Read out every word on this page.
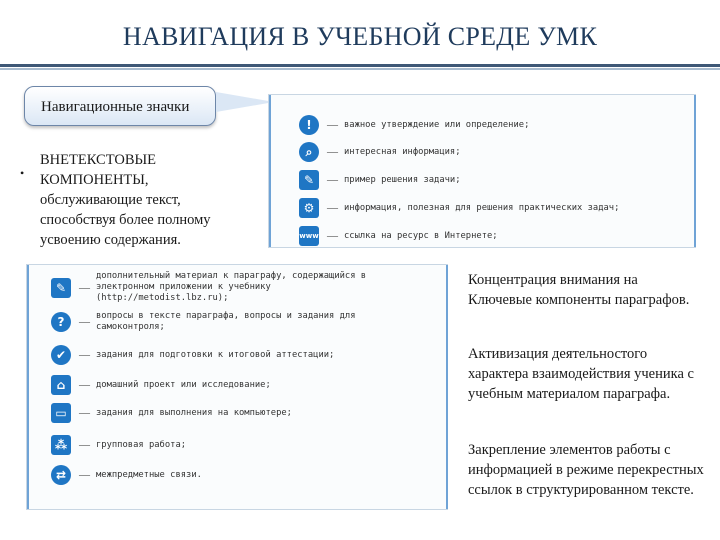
НАВИГАЦИЯ В УЧЕБНОЙ СРЕДЕ УМК
Навигационные значки
•
ВНЕТЕКСТОВЫЕ
КОМПОНЕНТЫ,
обслуживающие текст,
способствуя более полному
усвоению содержания.
!	— важное утверждение или определение;
⌕	— интересная информация;
✎	— пример решения задачи;
⚙	— информация, полезная для решения практических задач;
www — ссылка на ресурс в Интернете;
✎	—
дополнительный материал к параграфу, содержащийся в электронном приложении к учебнику (http://metodist.lbz.ru);
?	— вопросы в тексте параграфа, вопросы и задания для самоконтроля;
✔	— задания для подготовки к итоговой аттестации;
⌂	— домашний проект или исследование;
▭	— задания для выполнения на компьютере;
⁂	— групповая работа;
⇄	— межпредметные связи.
Концентрация внимания на Ключевые компоненты параграфов.
Активизация деятельностого характера взаимодействия ученика с учебным материалом параграфа.
Закрепление элементов работы с информацией в режиме перекрестных ссылок в структурированном тексте.
